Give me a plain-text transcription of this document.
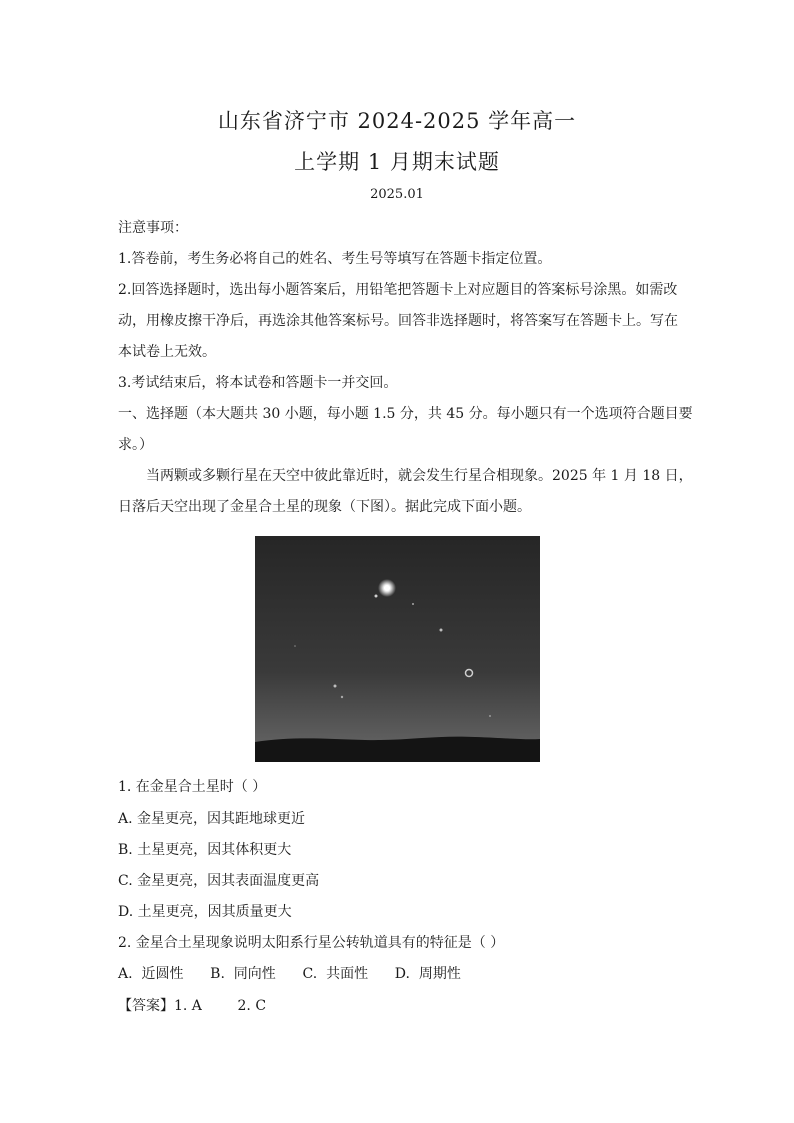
山东省济宁市 2024-2025 学年高一
上学期 1 月期末试题
2025.01
注意事项：
1.答卷前，考生务必将自己的姓名、考生号等填写在答题卡指定位置。
2.回答选择题时，选出每小题答案后，用铅笔把答题卡上对应题目的答案标号涂黑。如需改
动，用橡皮擦干净后，再选涂其他答案标号。回答非选择题时，将答案写在答题卡上。写在
本试卷上无效。
3.考试结束后，将本试卷和答题卡一并交回。
一、选择题（本大题共 30 小题，每小题 1.5 分，共 45 分。每小题只有一个选项符合题目要
求。）
当两颗或多颗行星在天空中彼此靠近时，就会发生行星合相现象。2025 年 1 月 18 日，
日落后天空出现了金星合土星的现象（下图）。据此完成下面小题。
1. 在金星合土星时（ ）
A. 金星更亮，因其距地球更近
B. 土星更亮，因其体积更大
C. 金星更亮，因其表面温度更高
D. 土星更亮，因其质量更大
2. 金星合土星现象说明太阳系行星公转轨道具有的特征是（ ）
A.  近圆性      B.  同向性      C.  共面性      D.  周期性
【答案】1. A        2. C
